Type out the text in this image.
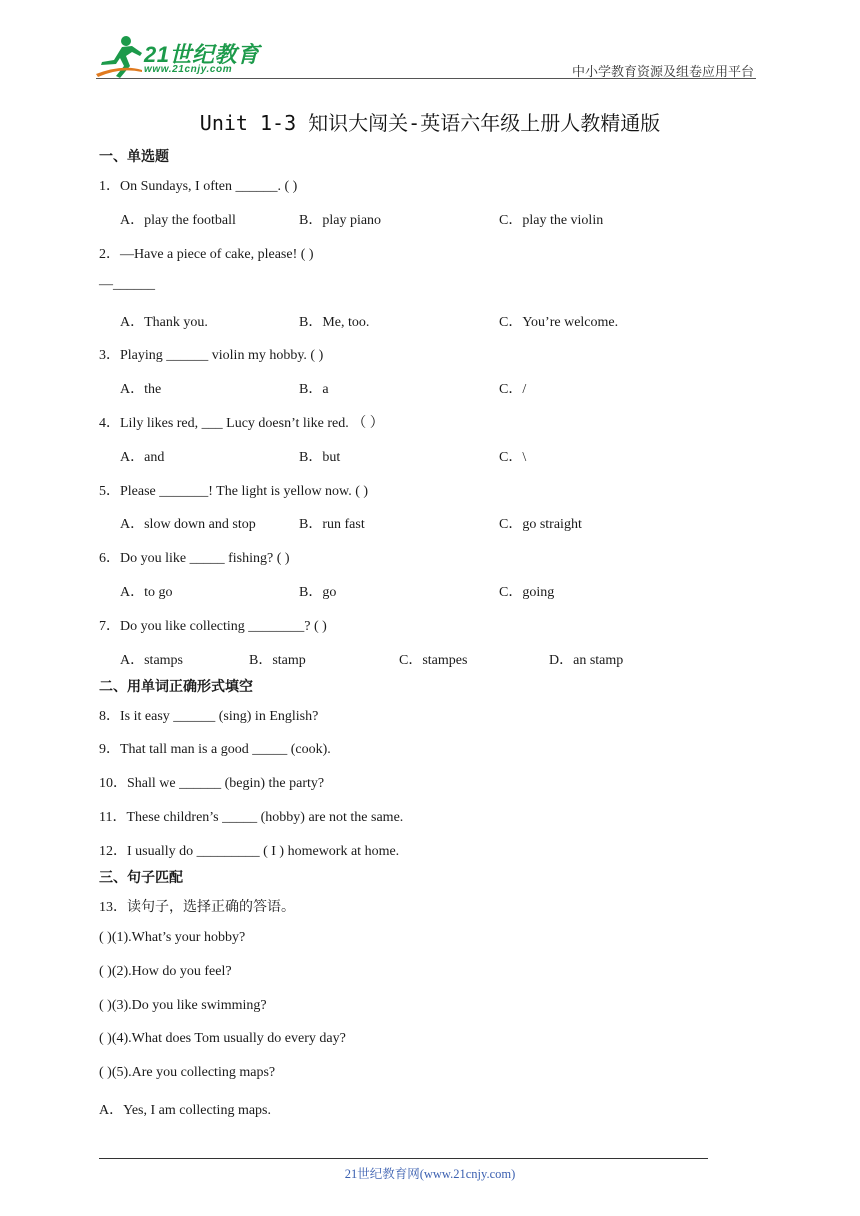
21世纪教育
www.21cnjy.com	中小学教育资源及组卷应用平台
Unit 1-3 知识大闯关-英语六年级上册人教精通版
一、单选题
1．On Sundays, I often ______. ( )
A．play the football	B．play piano	C．play the violin
2．—Have a piece of cake, please! ( )
—______
A．Thank you.	B．Me, too.	C．You’re welcome.
3．Playing ______ violin my hobby. ( )
A．the	B．a	C．/
4．Lily likes red, ___ Lucy doesn’t like red. （ ）
A．and	B．but	C．\
5．Please _______! The light is yellow now. ( )
A．slow down and stop	B．run fast	C．go straight
6．Do you like _____ fishing? ( )
A．to go	B．go	C．going
7．Do you like collecting ________? ( )
A．stamps	B．stamp	C．stampes	D．an stamp
二、用单词正确形式填空
8．Is it easy ______ (sing) in English?
9．That tall man is a good _____ (cook).
10．Shall we ______ (begin) the party?
11．These children’s _____ (hobby) are not the same.
12．I usually do _________ ( I ) homework at home.
三、句子匹配
13．读句子，选择正确的答语。
( )(1).What’s your hobby?
( )(2).How do you feel?
( )(3).Do you like swimming?
( )(4).What does Tom usually do every day?
( )(5).Are you collecting maps?
A．Yes, I am collecting maps.
21世纪教育网(www.21cnjy.com)
